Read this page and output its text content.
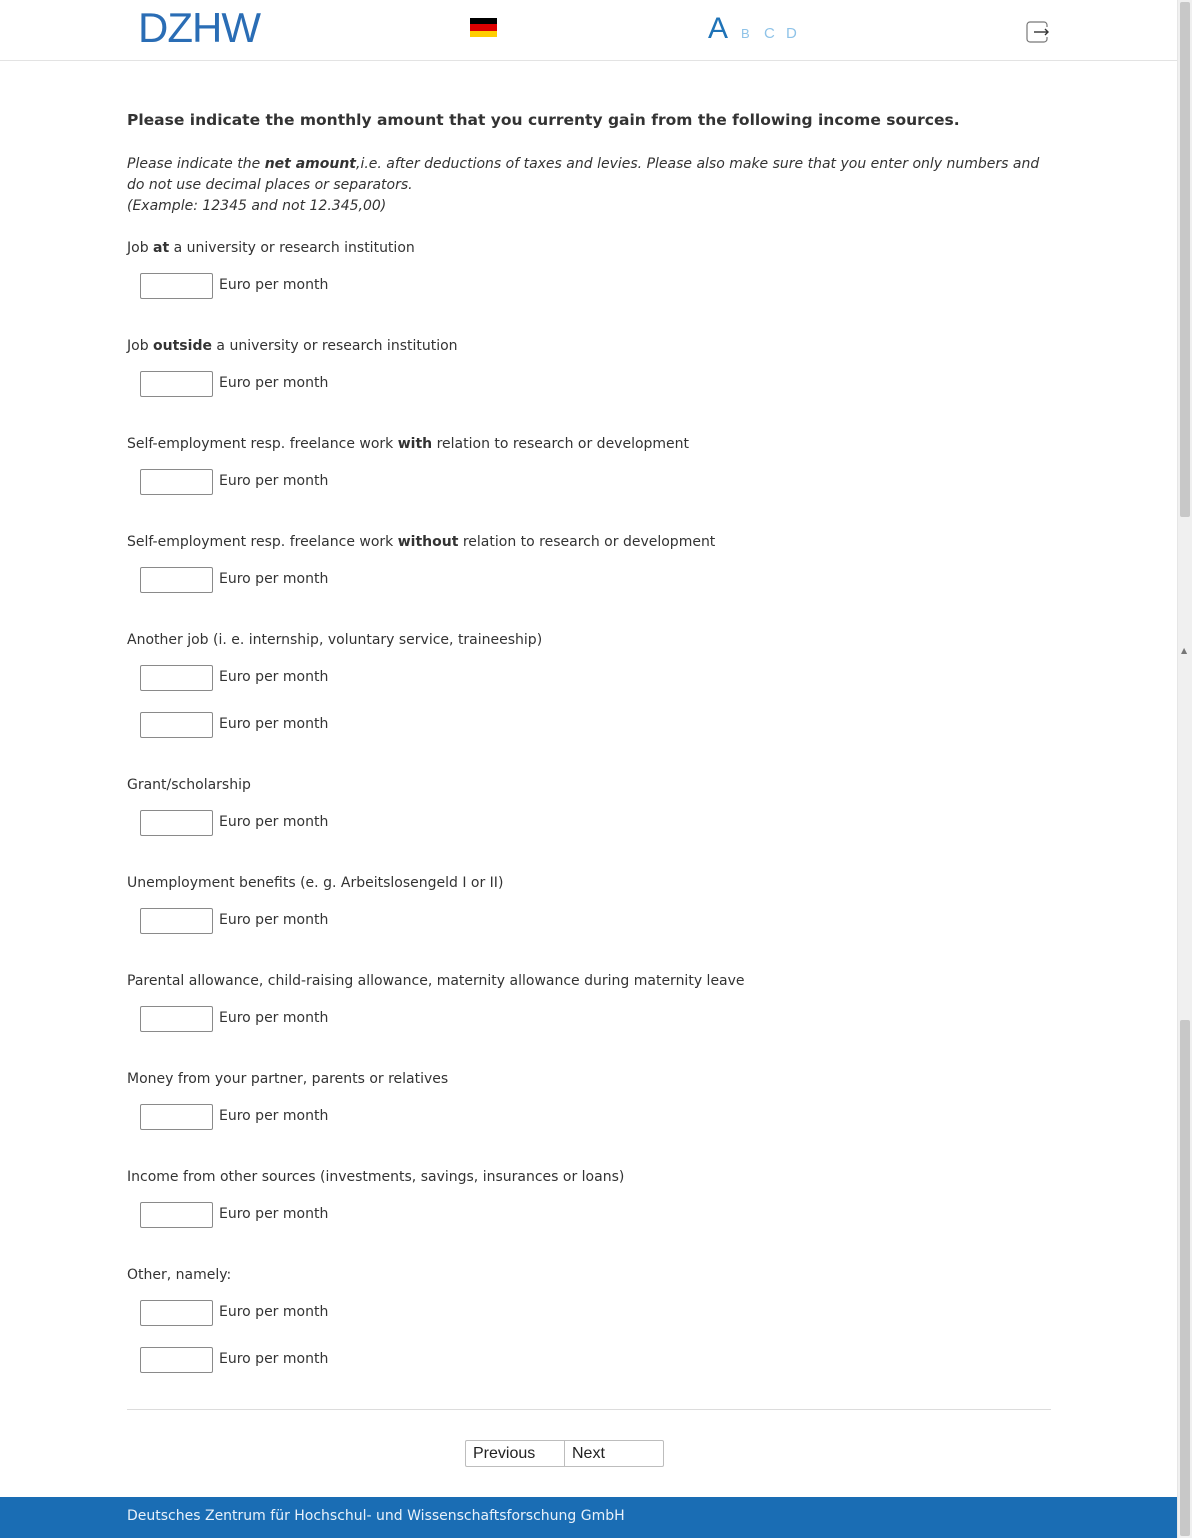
DZHW	A B C D

Please indicate the monthly amount that you currenty gain from the following income sources.

Please indicate the net amount,i.e. after deductions of taxes and levies. Please also make sure that you enter only numbers and do not use decimal places or separators.
(Example: 12345 and not 12.345,00)
Job at a university or research institution
Euro per month
Job outside a university or research institution
Euro per month
Self-employment resp. freelance work with relation to research or development
Euro per month
Self-employment resp. freelance work without relation to research or development
Euro per month
Another job (i. e. internship, voluntary service, traineeship)
Euro per month
Euro per month
Grant/scholarship
Euro per month
Unemployment benefits (e. g. Arbeitslosengeld I or II)
Euro per month
Parental allowance, child-raising allowance, maternity allowance during maternity leave
Euro per month
Money from your partner, parents or relatives
Euro per month
Income from other sources (investments, savings, insurances or loans)
Euro per month
Other, namely:
Euro per month
Euro per month
Previous	Next
Deutsches Zentrum für Hochschul- und Wissenschaftsforschung GmbH
▲
